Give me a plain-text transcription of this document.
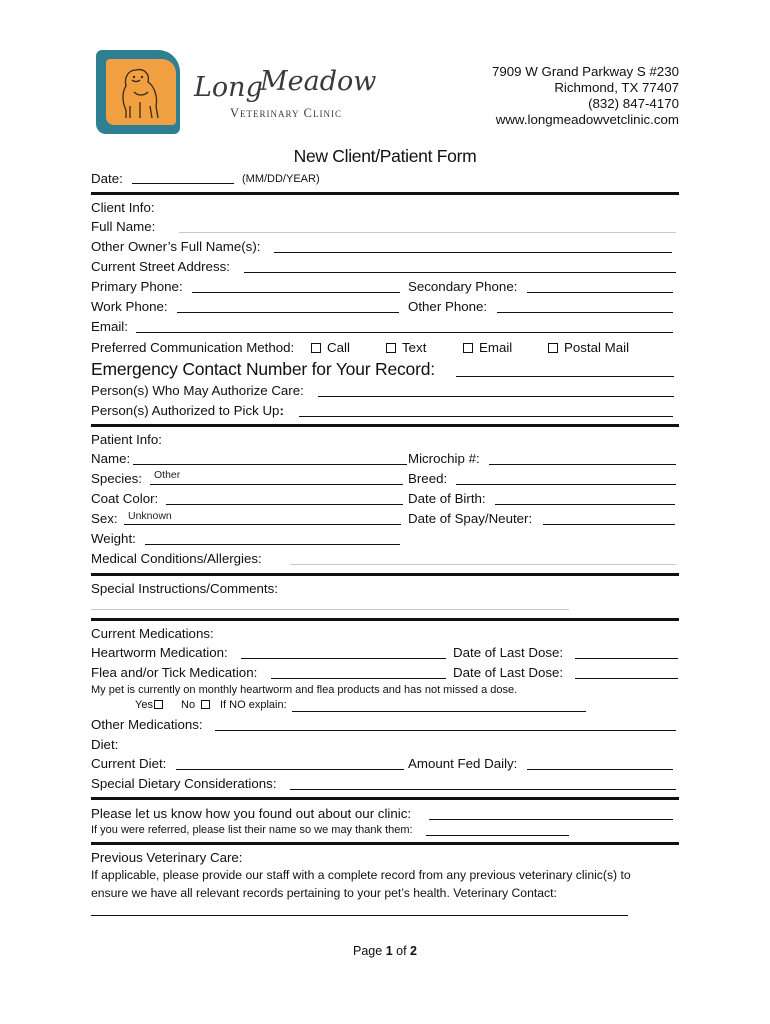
Long
Meadow
Veterinary Clinic
7909 W Grand Parkway S #230
Richmond, TX 77407
(832) 847-4170
www.longmeadowvetclinic.com
New Client/Patient Form
Date:	(MM/DD/YEAR)
Client Info:
Full Name:
Other Owner’s Full Name(s):
Current Street Address:
Primary Phone:	Secondary Phone:
Work Phone:	Other Phone:
Email:
Preferred Communication Method:	Call	Text	Email	Postal Mail
Emergency Contact Number for Your Record:
Person(s) Who May Authorize Care:
Person(s) Authorized to Pick Up:
Patient Info:
Name:	Microchip #:
Species: Other	Breed:
Coat Color:	Date of Birth:
Sex: Unknown	Date of Spay/Neuter:
Weight:
Medical Conditions/Allergies:
Special Instructions/Comments:
Current Medications:
Heartworm Medication:	Date of Last Dose:
Flea and/or Tick Medication:	Date of Last Dose:
My pet is currently on monthly heartworm and flea products and has not missed a dose.
Yes	No	If NO explain:
Other Medications:
Diet:
Current Diet:	Amount Fed Daily:
Special Dietary Considerations:
Please let us know how you found out about our clinic:
If you were referred, please list their name so we may thank them:
Previous Veterinary Care:
If applicable, please provide our staff with a complete record from any previous veterinary clinic(s) to
ensure we have all relevant records pertaining to your pet’s health. Veterinary Contact:
Page 1 of 2
